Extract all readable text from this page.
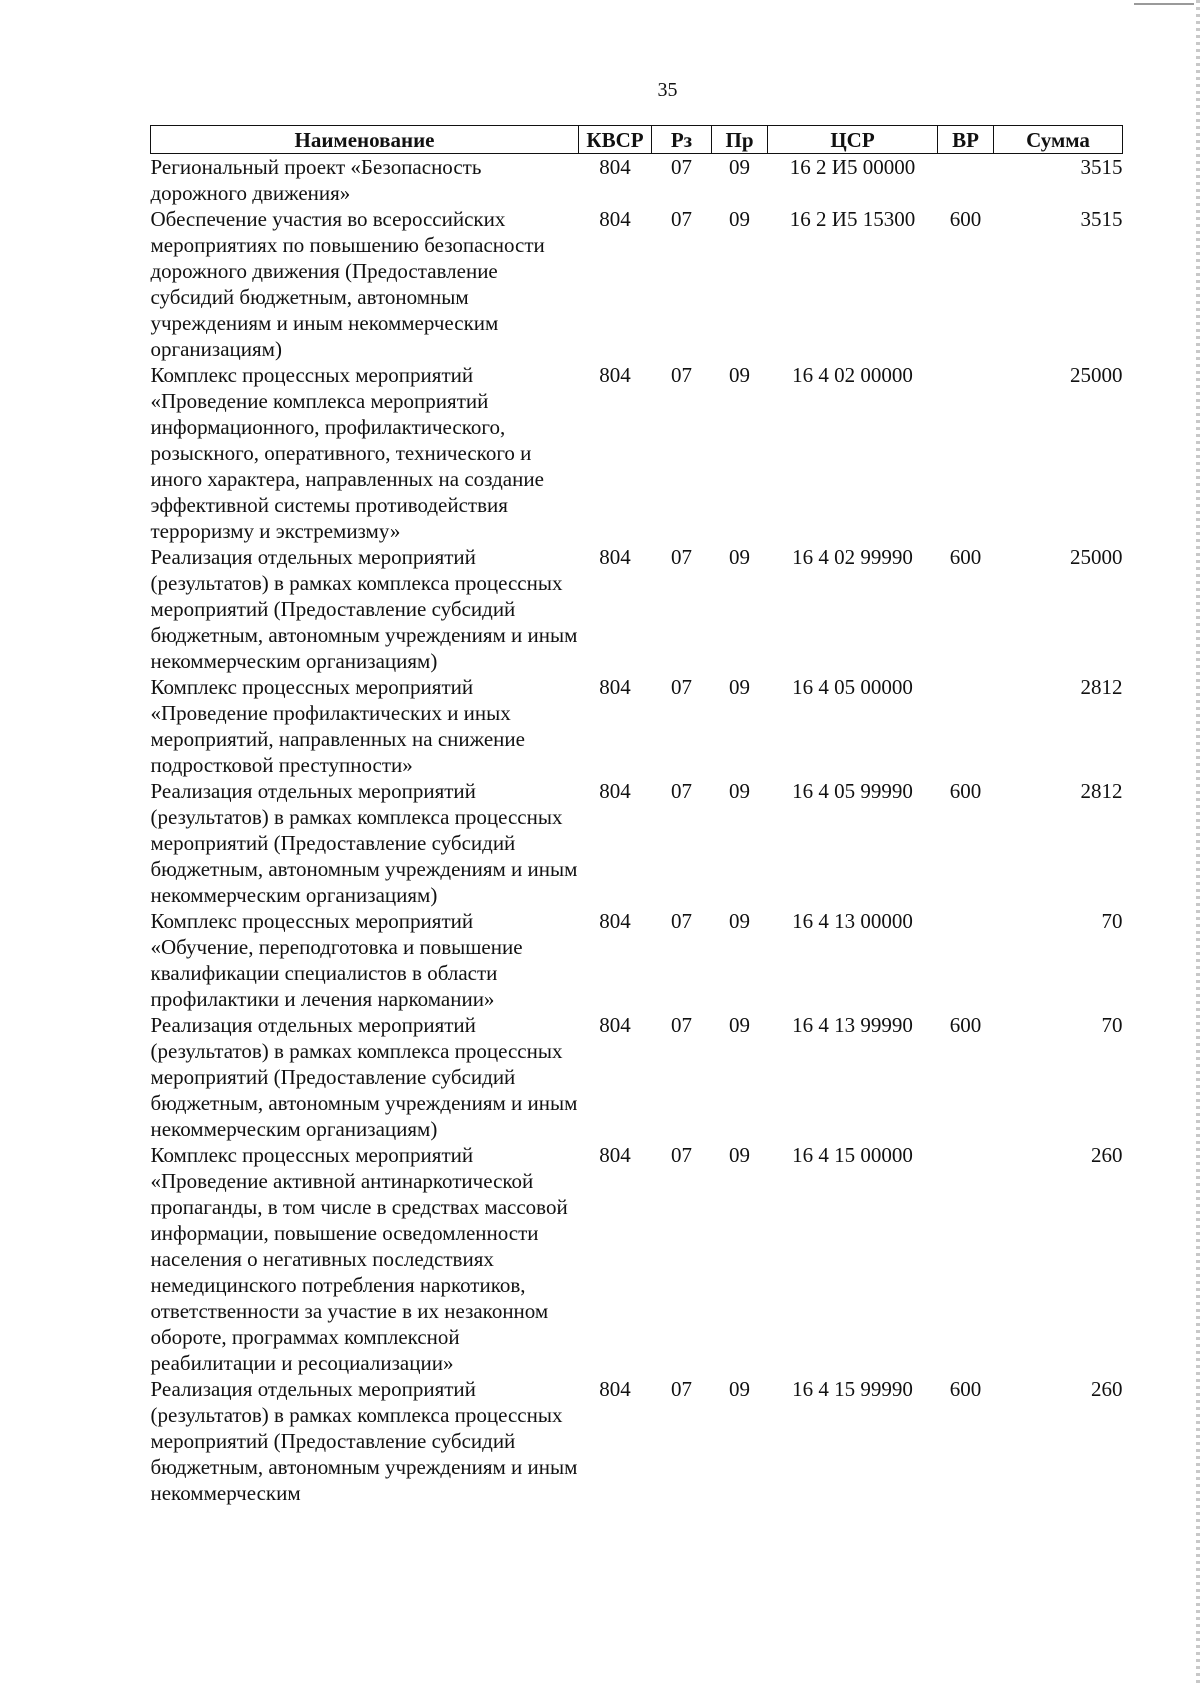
35
Наименование	КВСР	Рз	Пр	ЦСР	ВР	Сумма
Региональный проект «Безопасность дорожного движения»	804	07	09	16 2 И5 00000		3515
Обеспечение участия во всероссийских мероприятиях по повышению безопасности дорожного движения (Предоставление субсидий бюджетным, автономным учреждениям и иным некоммерческим организациям)	804	07	09	16 2 И5 15300	600	3515
Комплекс процессных мероприятий «Проведение комплекса мероприятий информационного, профилактического, розыскного, оперативного, технического и иного характера, направленных на создание эффективной системы противодействия терроризму и экстремизму»	804	07	09	16 4 02 00000		25000
Реализация отдельных мероприятий (результатов) в рамках комплекса процессных мероприятий (Предоставление субсидий бюджетным, автономным учреждениям и иным некоммерческим организациям)	804	07	09	16 4 02 99990	600	25000
Комплекс процессных мероприятий «Проведение профилактических и иных мероприятий, направленных на снижение подростковой преступности»	804	07	09	16 4 05 00000		2812
Реализация отдельных мероприятий (результатов) в рамках комплекса процессных мероприятий (Предоставление субсидий бюджетным, автономным учреждениям и иным некоммерческим организациям)	804	07	09	16 4 05 99990	600	2812
Комплекс процессных мероприятий «Обучение, переподготовка и повышение квалификации специалистов в области профилактики и лечения наркомании»	804	07	09	16 4 13 00000		70
Реализация отдельных мероприятий (результатов) в рамках комплекса процессных мероприятий (Предоставление субсидий бюджетным, автономным учреждениям и иным некоммерческим организациям)	804	07	09	16 4 13 99990	600	70
Комплекс процессных мероприятий «Проведение активной антинаркотической пропаганды, в том числе в средствах массовой информации, повышение осведомленности населения о негативных последствиях немедицинского потребления наркотиков, ответственности за участие в их незаконном обороте, программах комплексной реабилитации и ресоциализации»	804	07	09	16 4 15 00000		260
Реализация отдельных мероприятий (результатов) в рамках комплекса процессных мероприятий (Предоставление субсидий бюджетным, автономным учреждениям и иным некоммерческим	804	07	09	16 4 15 99990	600	260
